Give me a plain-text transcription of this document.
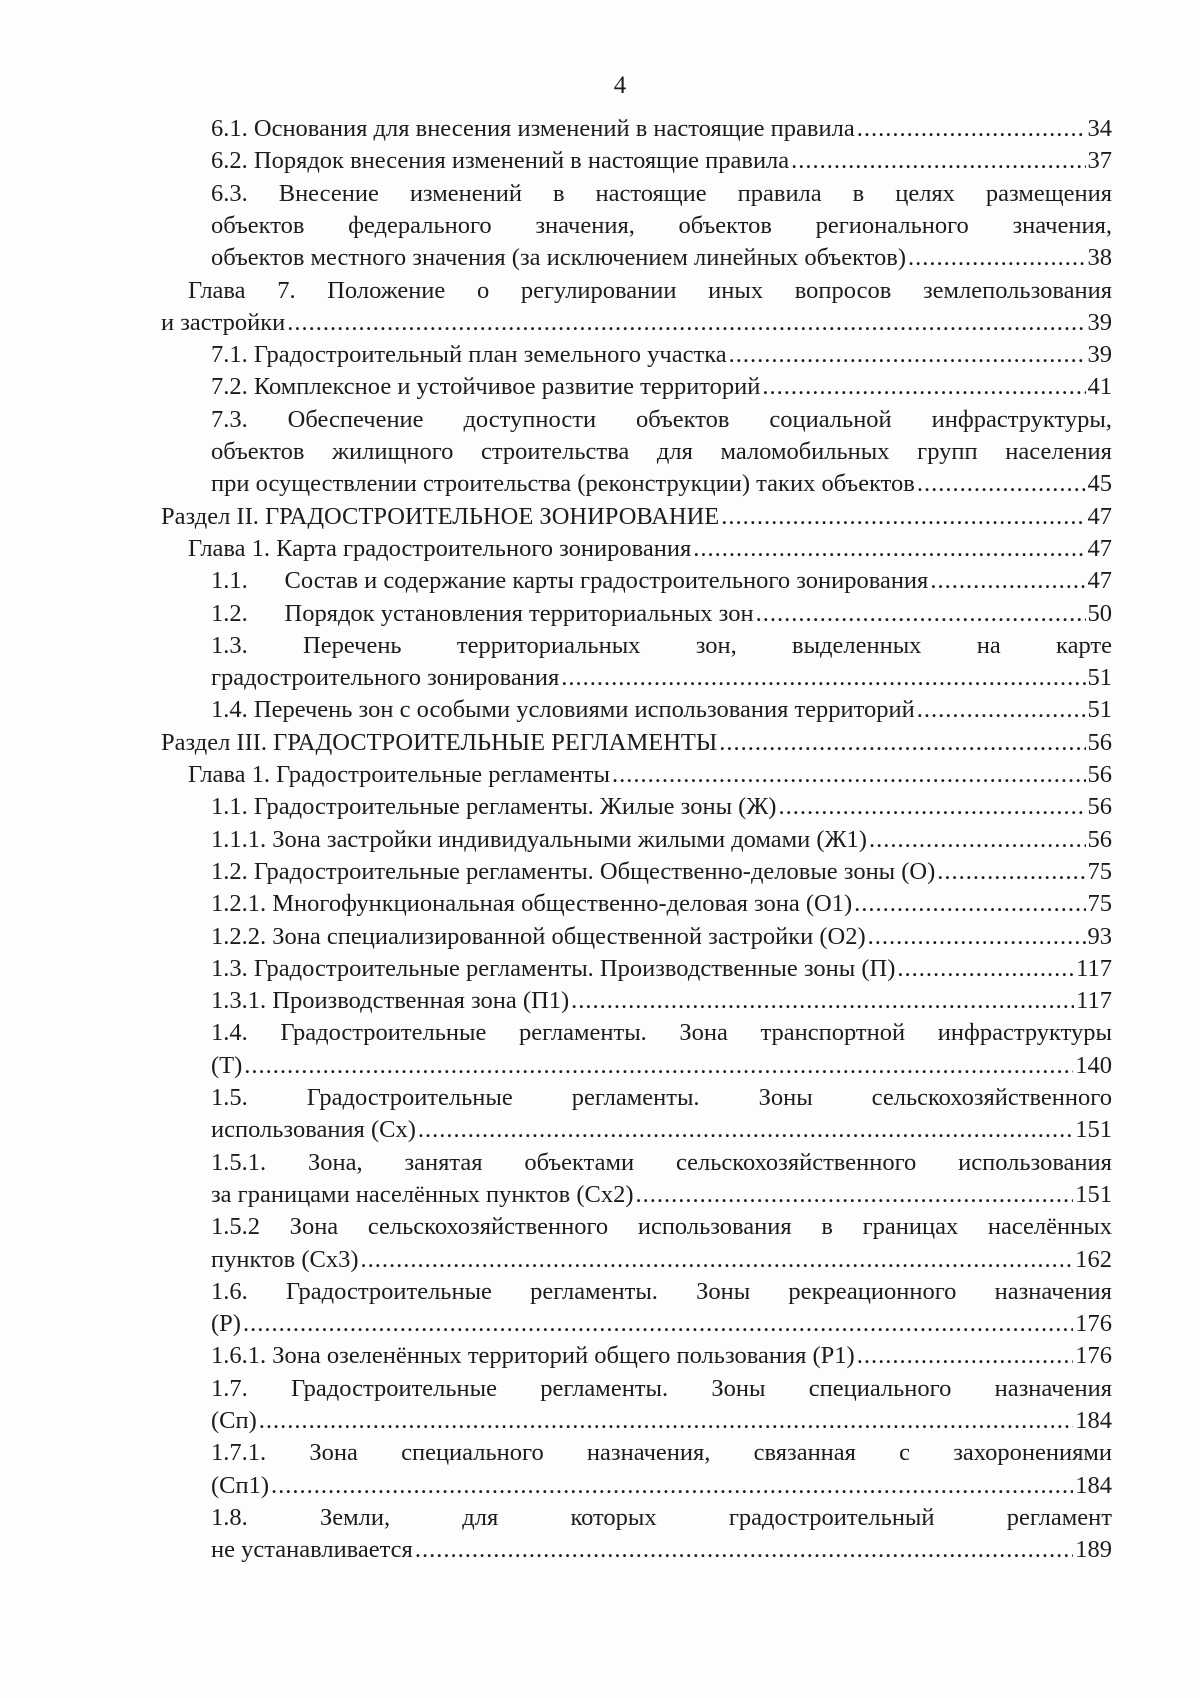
4
6.1. Основания для внесения изменений в настоящие правила .....	34
6.2. Порядок внесения изменений в настоящие правила .....	37
6.3. Внесение изменений в настоящие правила в целях размещения
объектов федерального значения, объектов регионального значения,
объектов местного значения (за исключением линейных объектов) .....	38
Глава 7. Положение о регулировании иных вопросов землепользования
и застройки .....	39
7.1. Градостроительный план земельного участка .....	39
7.2. Комплексное и устойчивое развитие территорий .....	41
7.3. Обеспечение доступности объектов социальной инфраструктуры,
объектов жилищного строительства для маломобильных групп населения
при осуществлении строительства (реконструкции) таких объектов .....	45
Раздел II. ГРАДОСТРОИТЕЛЬНОЕ ЗОНИРОВАНИЕ .....	47
Глава 1. Карта градостроительного зонирования .....	47
1.1.      Состав и содержание карты градостроительного зонирования .....	47
1.2.      Порядок установления территориальных зон .....	50
1.3. Перечень территориальных зон, выделенных на карте
градостроительного зонирования .....	51
1.4. Перечень зон с особыми условиями использования территорий .....	51
Раздел III. ГРАДОСТРОИТЕЛЬНЫЕ РЕГЛАМЕНТЫ .....	56
Глава 1. Градостроительные регламенты .....	56
1.1. Градостроительные регламенты. Жилые зоны (Ж) .....	56
1.1.1. Зона застройки индивидуальными жилыми домами (Ж1) .....	56
1.2. Градостроительные регламенты. Общественно-деловые зоны (О) .....	75
1.2.1. Многофункциональная общественно-деловая зона (О1) .....	75
1.2.2. Зона специализированной общественной застройки (О2) .....	93
1.3. Градостроительные регламенты. Производственные зоны (П) .....	117
1.3.1. Производственная зона (П1) .....	117
1.4. Градостроительные регламенты. Зона транспортной инфраструктуры
(Т) .....	140
1.5. Градостроительные регламенты. Зоны сельскохозяйственного
использования (Сх) .....	151
1.5.1. Зона, занятая объектами сельскохозяйственного использования
за границами населённых пунктов (Сх2) .....	151
1.5.2 Зона сельскохозяйственного использования в границах населённых
пунктов (Сх3) .....	162
1.6. Градостроительные регламенты. Зоны рекреационного назначения
(Р) .....	176
1.6.1. Зона озеленённых территорий общего пользования (Р1) .....	176
1.7. Градостроительные регламенты. Зоны специального назначения
(Сп) .....	184
1.7.1. Зона специального назначения, связанная с захоронениями
(Сп1) .....	184
1.8.	Земли,	для	которых	градостроительный	регламент
не устанавливается .....	189
